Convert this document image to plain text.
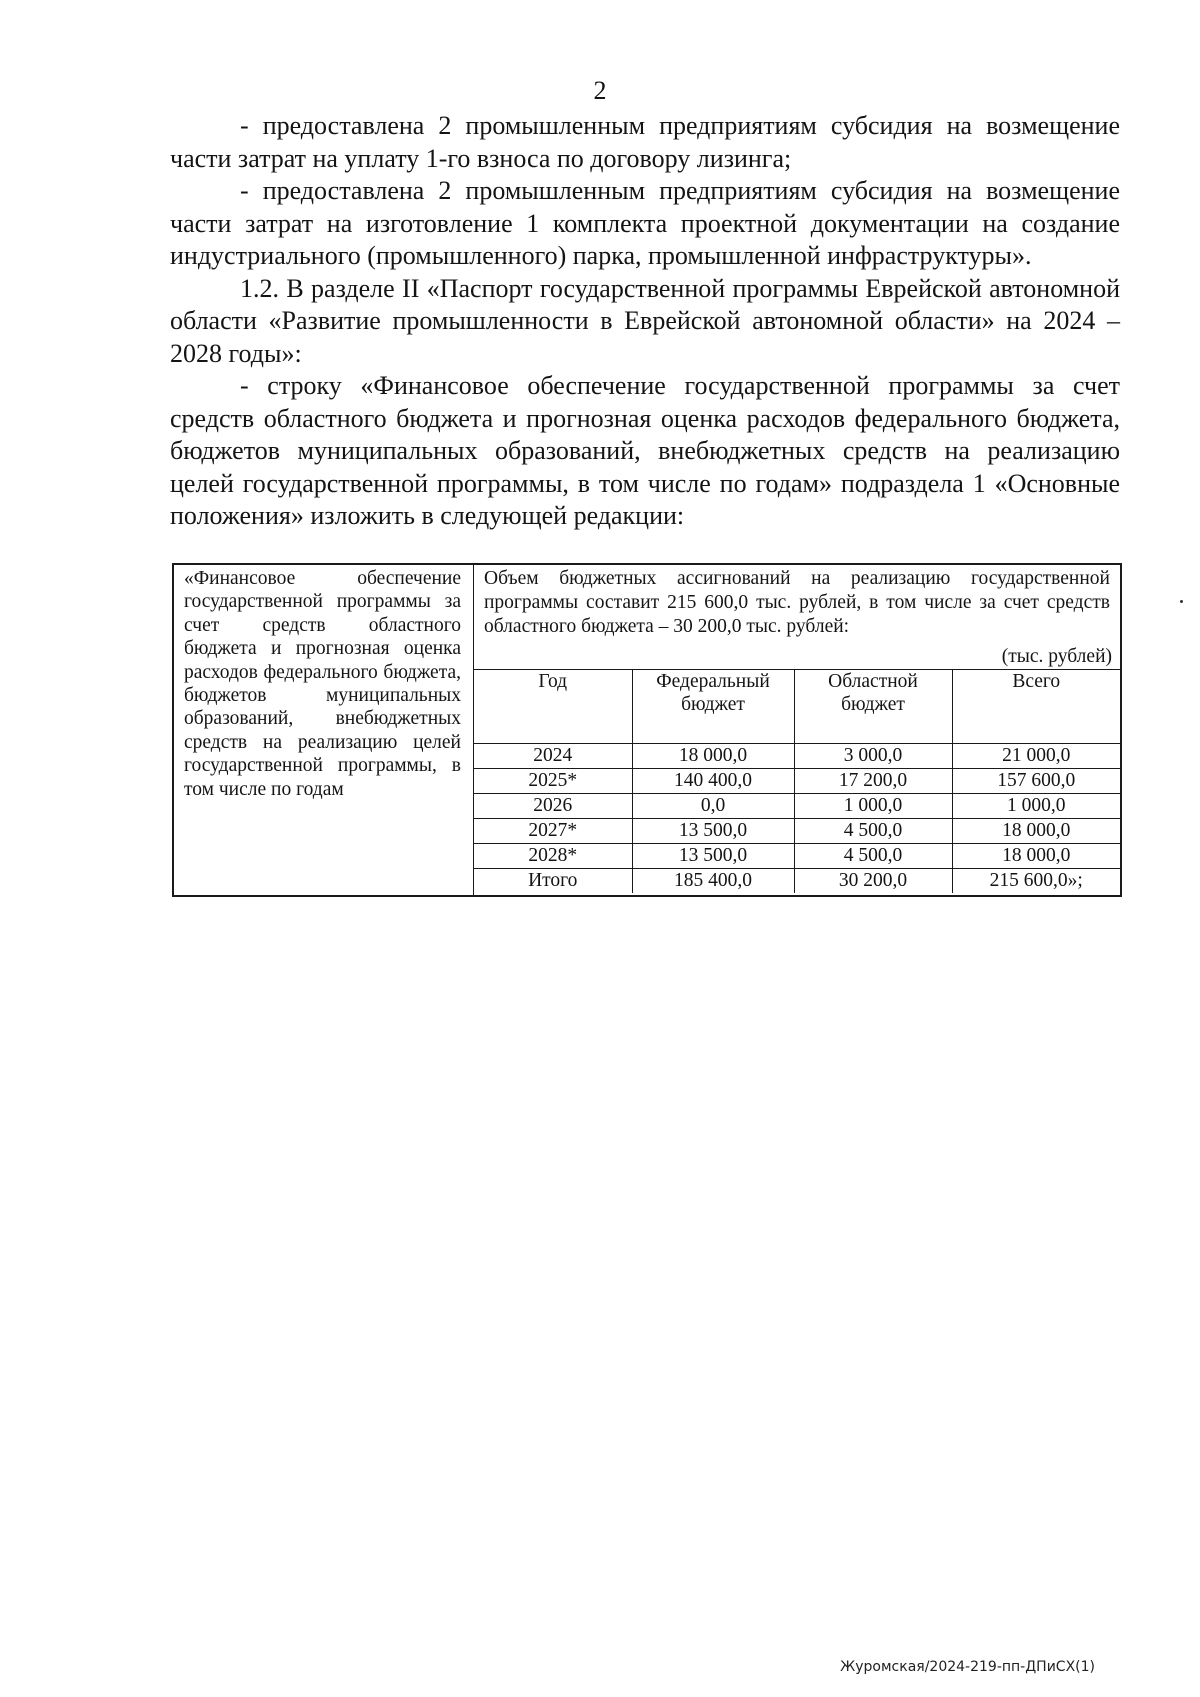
2

- предоставлена 2 промышленным предприятиям субсидия на возмещение части затрат на уплату 1-го взноса по договору лизинга;

- предоставлена 2 промышленным предприятиям субсидия на возмещение части затрат на изготовление 1 комплекта проектной документации на создание индустриального (промышленного) парка, промышленной инфраструктуры».

1.2. В разделе II «Паспорт государственной программы Еврейской автономной области «Развитие промышленности в Еврейской автономной области» на 2024 – 2028 годы»:

- строку «Финансовое обеспечение государственной программы за счет средств областного бюджета и прогнозная оценка расходов федерального бюджета, бюджетов муниципальных образований, внебюджетных средств на реализацию целей государственной программы, в том числе по годам» подраздела 1 «Основные положения» изложить в следующей редакции:

«Финансовое обеспечение государственной программы за счет средств областного бюджета и прогнозная оценка расходов федерального бюджета, бюджетов муниципальных образований, внебюджетных средств на реализацию целей государственной программы, в том числе по годам
Объем бюджетных ассигнований на реализацию государственной программы составит 215 600,0 тыс. рублей, в том числе за счет средств областного бюджета – 30 200,0 тыс. рублей:
(тыс. рублей)
Год	Федеральный бюджет	Областной бюджет	Всего
2024	18 000,0	3 000,0	21 000,0
2025*	140 400,0	17 200,0	157 600,0
2026	0,0	1 000,0	1 000,0
2027*	13 500,0	4 500,0	18 000,0
2028*	13 500,0	4 500,0	18 000,0
Итого	185 400,0	30 200,0	215 600,0»;
Журомская/2024-219-пп-ДПиСХ(1)
